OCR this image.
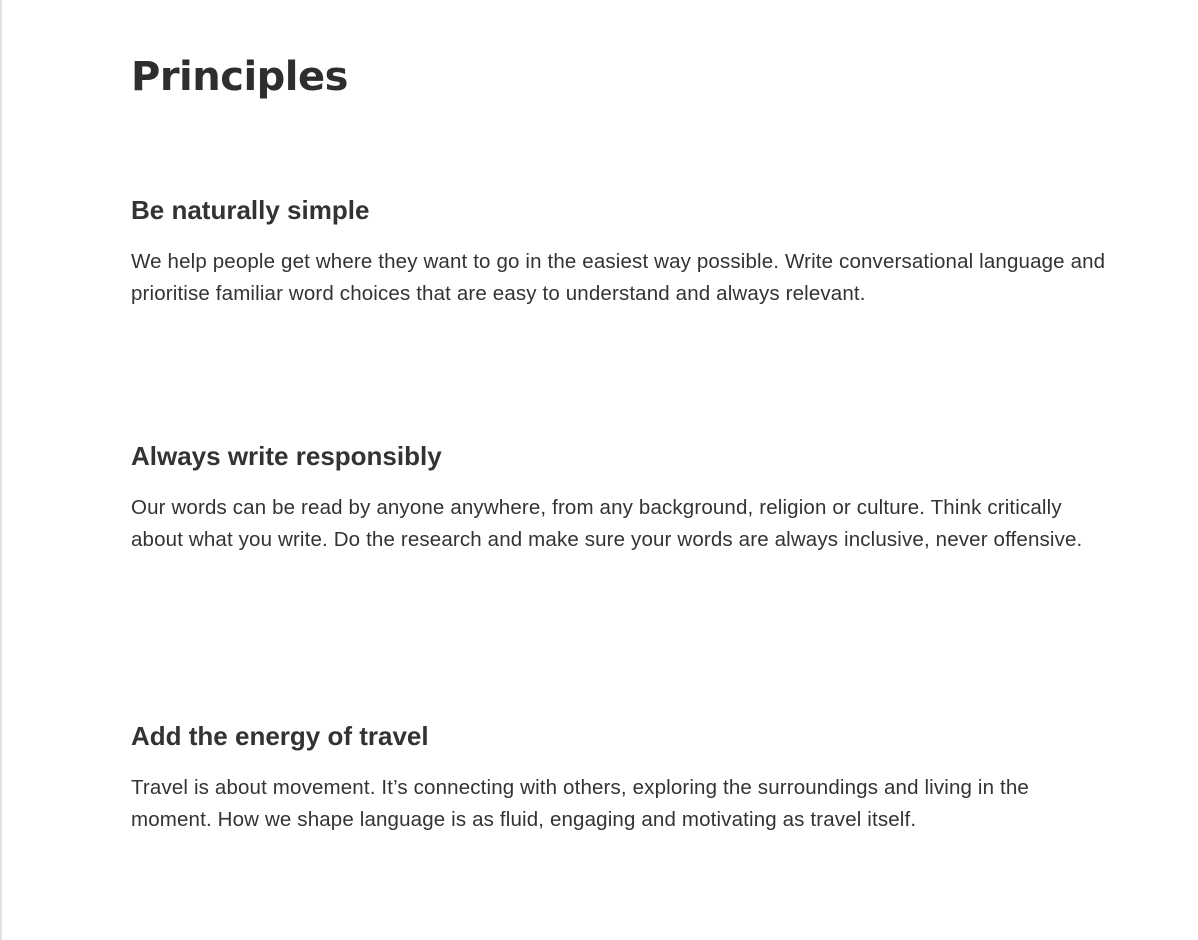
Principles
Be naturally simple

We help people get where they want to go in the easiest way possible. Write conversational language and prioritise familiar word choices that are easy to understand and always relevant.

Always write responsibly

Our words can be read by anyone anywhere, from any background, religion or culture. Think critically about what you write. Do the research and make sure your words are always inclusive, never offensive.

Add the energy of travel

Travel is about movement. It’s connecting with others, exploring the surroundings and living in the moment. How we shape language is as fluid, engaging and motivating as travel itself.
